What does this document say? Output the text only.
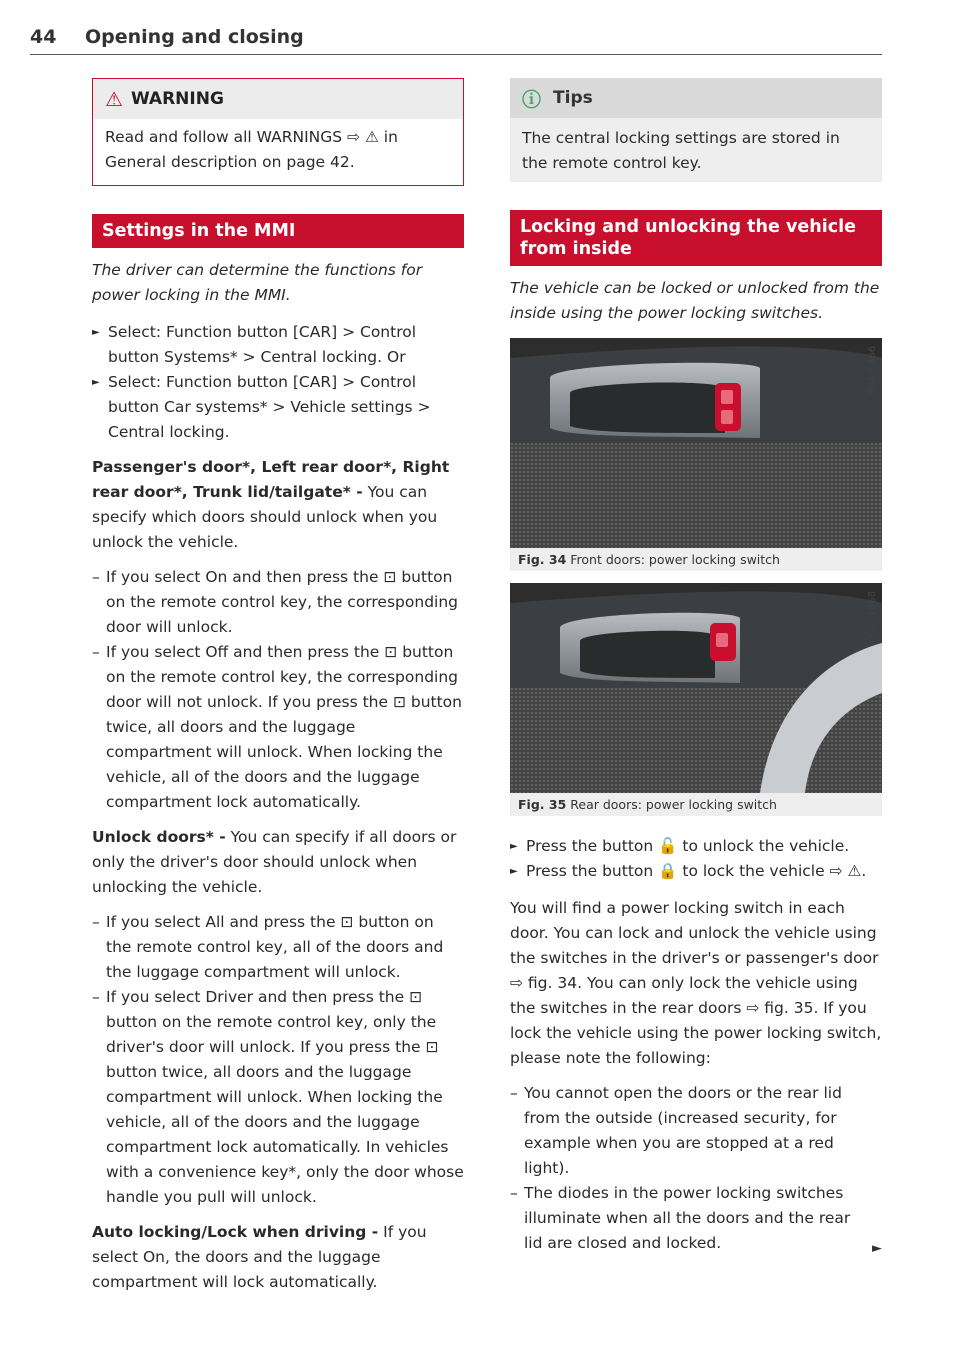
44 Opening and closing
⚠ WARNING
Read and follow all WARNINGS ⇨ ⚠ in General description on page 42.
Settings in the MMI

The driver can determine the functions for power locking in the MMI.

► Select: Function button [CAR] > Control button Systems* > Central locking. Or

► Select: Function button [CAR] > Control button Car systems* > Vehicle settings > Central locking.

Passenger's door*, Left rear door*, Right rear door*, Trunk lid/tailgate* - You can specify which doors should unlock when you unlock the vehicle.

– If you select On and then press the ⊡ button on the remote control key, the corresponding door will unlock.

– If you select Off and then press the ⊡ button on the remote control key, the corresponding door will not unlock. If you press the ⊡ button twice, all doors and the luggage compartment will unlock. When locking the vehicle, all of the doors and the luggage compartment lock automatically.

Unlock doors* - You can specify if all doors or only the driver's door should unlock when unlocking the vehicle.

– If you select All and press the ⊡ button on the remote control key, all of the doors and the luggage compartment will unlock.

– If you select Driver and then press the ⊡ button on the remote control key, only the driver's door will unlock. If you press the ⊡ button twice, all doors and the luggage compartment will unlock. When locking the vehicle, all of the doors and the luggage compartment lock automatically. In vehicles with a convenience key*, only the door whose handle you pull will unlock.

Auto locking/Lock when driving - If you select On, the doors and the luggage compartment will lock automatically.

ⓘ Tips
The central locking settings are stored in the remote control key.
Locking and unlocking the vehicle from inside

The vehicle can be locked or unlocked from the inside using the power locking switches.

B4L-1466
Fig. 34 Front doors: power locking switch
B4L-1368
Fig. 35 Rear doors: power locking switch

► Press the button 🔓 to unlock the vehicle.

► Press the button 🔒 to lock the vehicle ⇨ ⚠.

You will find a power locking switch in each door. You can lock and unlock the vehicle using the switches in the driver's or passenger's door ⇨ fig. 34. You can only lock the vehicle using the switches in the rear doors ⇨ fig. 35. If you lock the vehicle using the power locking switch, please note the following:

– You cannot open the doors or the rear lid from the outside (increased security, for example when you are stopped at a red light).

– The diodes in the power locking switches illuminate when all the doors and the rear lid are closed and locked.	►
